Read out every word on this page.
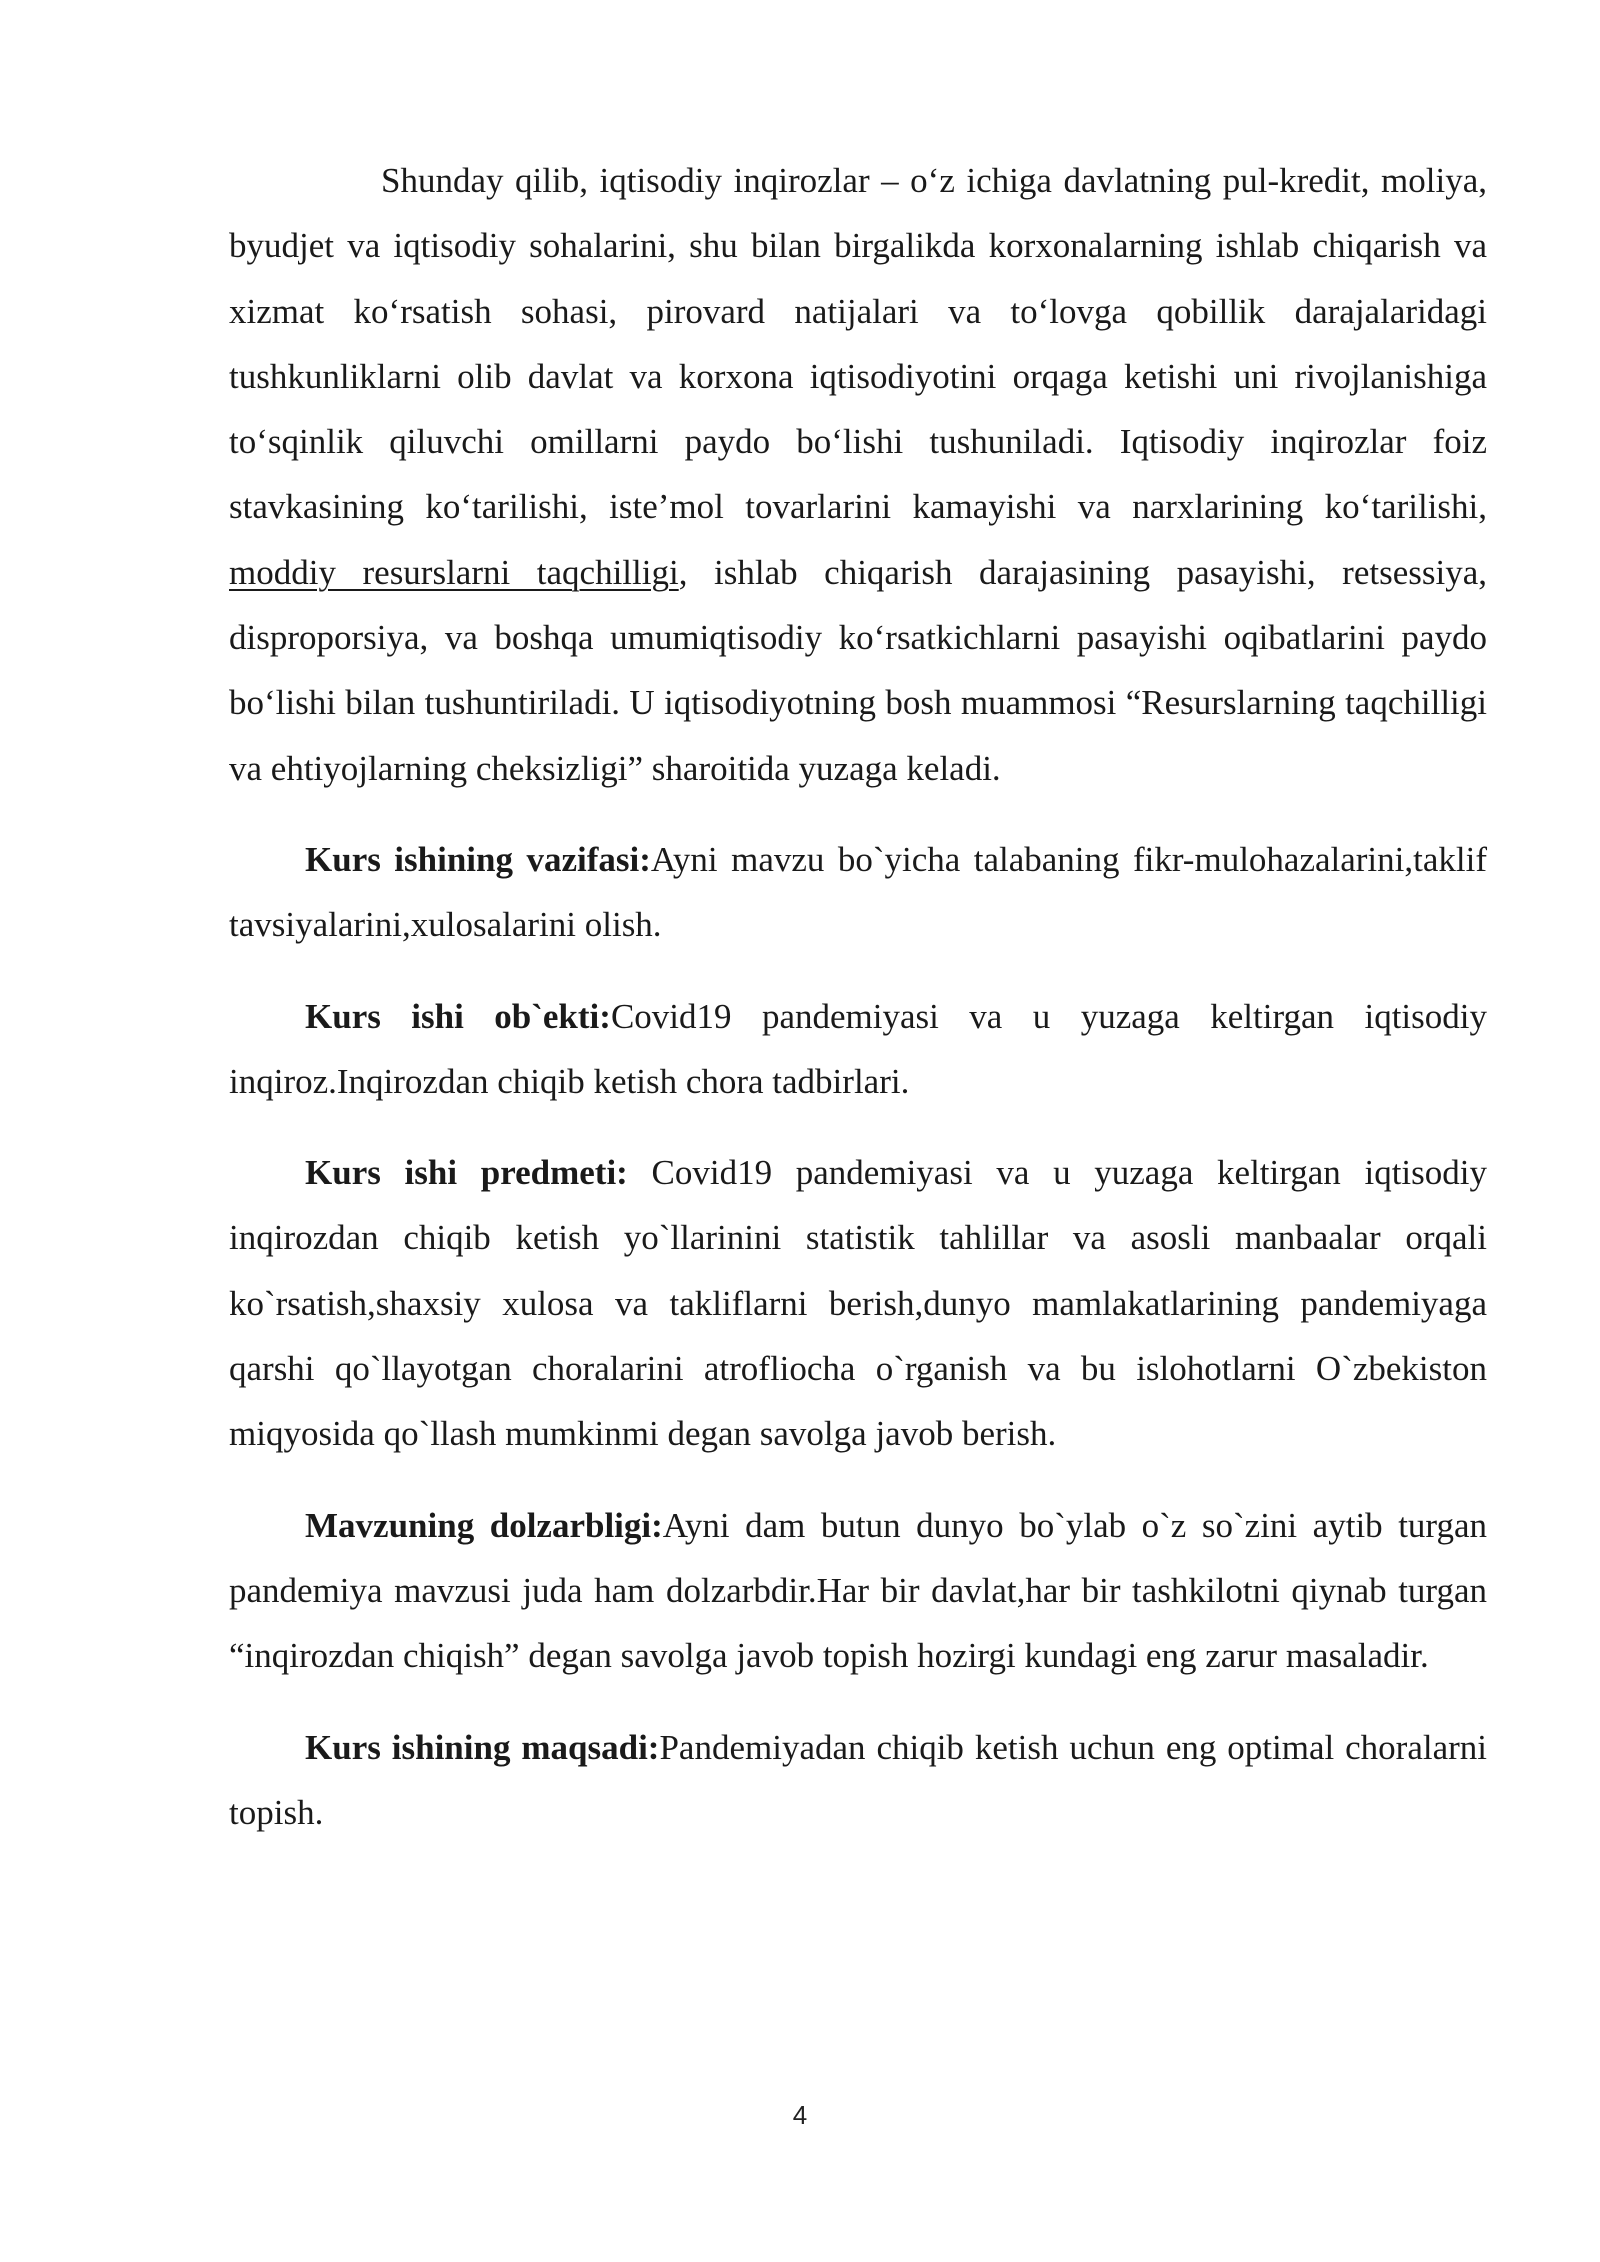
Shunday qilib, iqtisodiy inqirozlar – o‘z ichiga davlatning pul-kredit, moliya, byudjet va iqtisodiy sohalarini, shu bilan birgalikda korxonalarning ishlab chiqarish va xizmat ko‘rsatish sohasi, pirovard natijalari va to‘lovga qobillik darajalaridagi tushkunliklarni olib davlat va korxona iqtisodiyotini orqaga ketishi uni rivojlanishiga to‘sqinlik qiluvchi omillarni paydo bo‘lishi tushuniladi. Iqtisodiy inqirozlar foiz stavkasining ko‘tarilishi, iste’mol tovarlarini kamayishi va narxlarining ko‘tarilishi, moddiy resurslarni taqchilligi, ishlab chiqarish darajasining pasayishi, retsessiya, disproporsiya, va boshqa umumiqtisodiy ko‘rsatkichlarni pasayishi oqibatlarini paydo bo‘lishi bilan tushuntiriladi. U iqtisodiyotning bosh muammosi “Resurslarning taqchilligi va ehtiyojlarning cheksizligi” sharoitida yuzaga keladi.

Kurs ishining vazifasi:Ayni mavzu bo`yicha talabaning fikr-mulohazalarini,taklif tavsiyalarini,xulosalarini olish.

Kurs ishi ob`ekti:Covid19 pandemiyasi va u yuzaga keltirgan iqtisodiy inqiroz.Inqirozdan chiqib ketish chora tadbirlari.

Kurs ishi predmeti: Covid19 pandemiyasi va u yuzaga keltirgan iqtisodiy inqirozdan chiqib ketish yo`llarinini statistik tahlillar va asosli manbaalar orqali ko`rsatish,shaxsiy xulosa va takliflarni berish,dunyo mamlakatlarining pandemiyaga qarshi qo`llayotgan choralarini atrofliocha o`rganish va bu islohotlarni O`zbekiston miqyosida qo`llash mumkinmi degan savolga javob berish.

Mavzuning dolzarbligi:Ayni dam butun dunyo bo`ylab o`z so`zini aytib turgan pandemiya mavzusi juda ham dolzarbdir.Har bir davlat,har bir tashkilotni qiynab turgan “inqirozdan chiqish” degan savolga javob topish hozirgi kundagi eng zarur masaladir.

Kurs ishining maqsadi:Pandemiyadan chiqib ketish uchun eng optimal choralarni topish.

4
